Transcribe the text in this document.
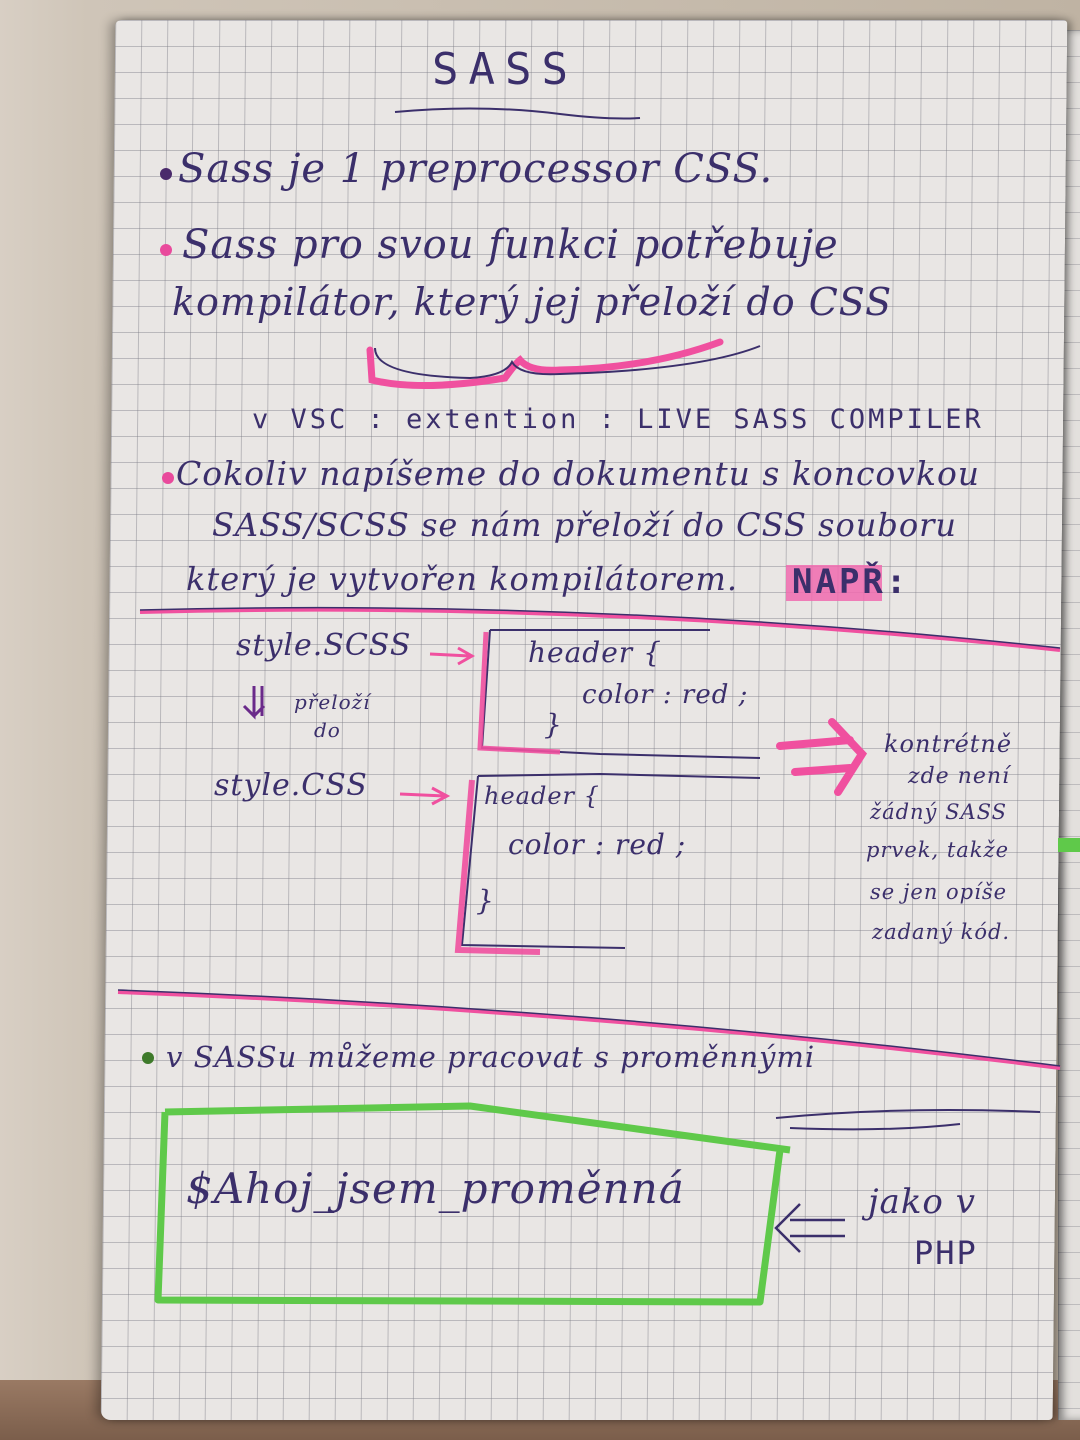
SASS
Sass je 1 preprocessor CSS.
Sass pro svou funkci potřebuje
kompilátor, který jej přeloží do CSS
v VSC : extention : LIVE SASS COMPILER
Cokoliv napíšeme do dokumentu s koncovkou
SASS/SCSS se nám přeloží do CSS souboru
který je vytvořen kompilátorem. NAPŘ:
style.SCSS
přeloží
do
style.CSS
header {
color : red ;
}
header {
color : red ;
}
kontrétně
zde není
žádný SASS
prvek, takže
se jen opíše
zadaný kód.
v SASSu můžeme pracovat s proměnnými
$Ahoj_jsem_proměnná	jako v
PHP
